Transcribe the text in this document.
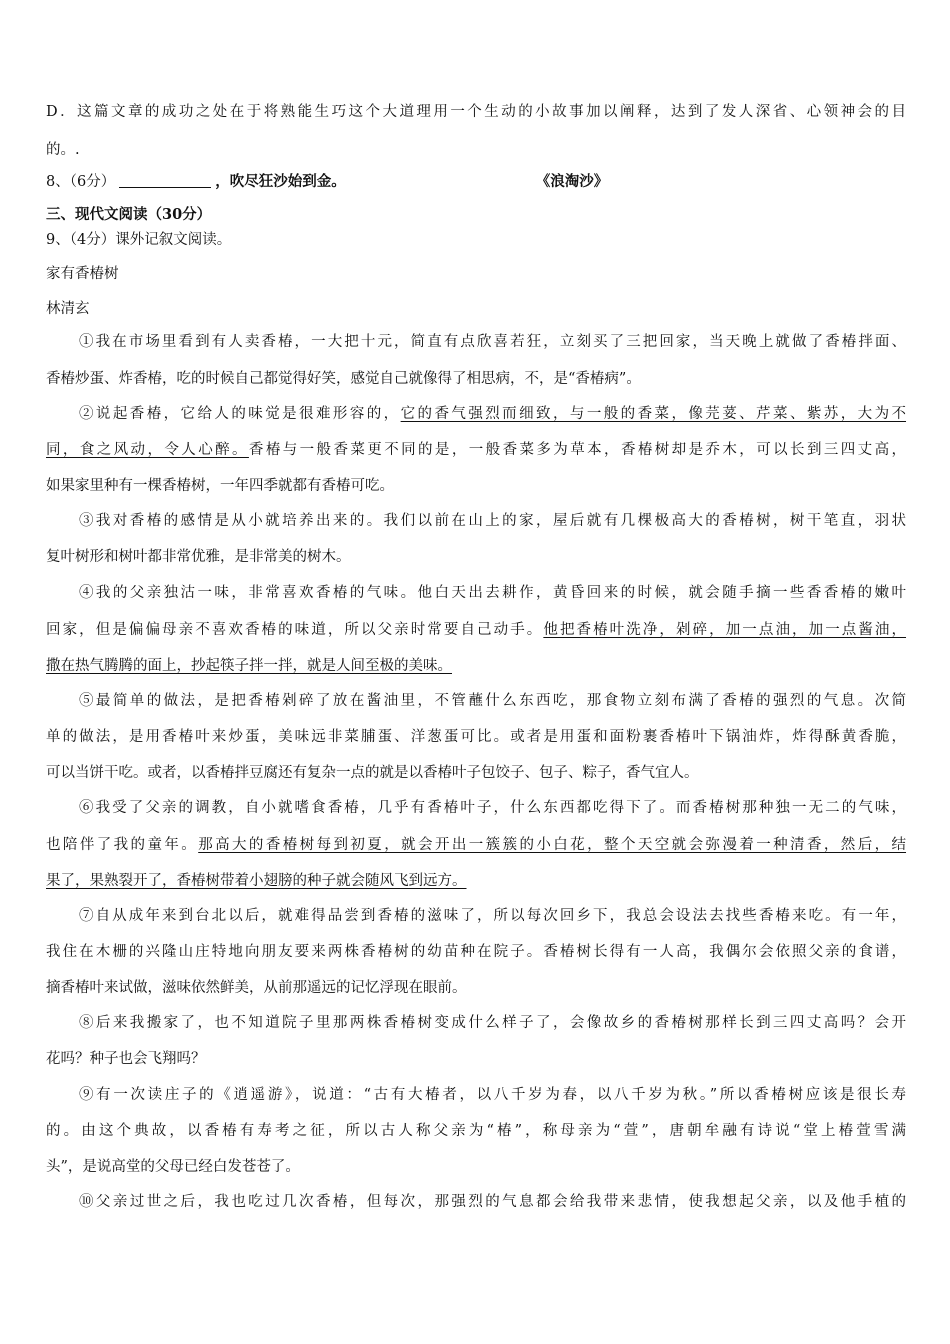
D．这篇文章的成功之处在于将熟能生巧这个大道理用一个生动的小故事加以阐释，达到了发人深省、心领神会的目
的。.
8、（6分）	，吹尽狂沙始到金。	《浪淘沙》
三、现代文阅读（30分）
9、（4分）课外记叙文阅读。
家有香椿树
林清玄
①我在市场里看到有人卖香椿，一大把十元，简直有点欣喜若狂，立刻买了三把回家，当天晚上就做了香椿拌面、
香椿炒蛋、炸香椿，吃的时候自己都觉得好笑，感觉自己就像得了相思病，不，是“香椿病”。
②说起香椿，它给人的味觉是很难形容的，它的香气强烈而细致，与一般的香菜，像芫荽、芹菜、紫苏，大为不
同，食之风动，令人心醉。香椿与一般香菜更不同的是，一般香菜多为草本，香椿树却是乔木，可以长到三四丈高，
如果家里种有一棵香椿树，一年四季就都有香椿可吃。
③我对香椿的感情是从小就培养出来的。我们以前在山上的家，屋后就有几棵极高大的香椿树，树干笔直，羽状
复叶树形和树叶都非常优雅，是非常美的树木。
④我的父亲独沽一味，非常喜欢香椿的气味。他白天出去耕作，黄昏回来的时候，就会随手摘一些香香椿的嫩叶
回家，但是偏偏母亲不喜欢香椿的味道，所以父亲时常要自己动手。他把香椿叶洗净，剁碎，加一点油，加一点酱油，
撒在热气腾腾的面上，抄起筷子拌一拌，就是人间至极的美味。
⑤最简单的做法，是把香椿剁碎了放在酱油里，不管蘸什么东西吃，那食物立刻布满了香椿的强烈的气息。次简
单的做法，是用香椿叶来炒蛋，美味远非菜脯蛋、洋葱蛋可比。或者是用蛋和面粉裹香椿叶下锅油炸，炸得酥黄香脆，
可以当饼干吃。或者，以香椿拌豆腐还有复杂一点的就是以香椿叶子包饺子、包子、粽子，香气宜人。
⑥我受了父亲的调教，自小就嗜食香椿，几乎有香椿叶子，什么东西都吃得下了。而香椿树那种独一无二的气味，
也陪伴了我的童年。那高大的香椿树每到初夏，就会开出一簇簇的小白花，整个天空就会弥漫着一种清香，然后，结
果了，果熟裂开了，香椿树带着小翅膀的种子就会随风飞到远方。
⑦自从成年来到台北以后，就难得品尝到香椿的滋味了，所以每次回乡下，我总会设法去找些香椿来吃。有一年，
我住在木栅的兴隆山庄特地向朋友要来两株香椿树的幼苗种在院子。香椿树长得有一人高，我偶尔会依照父亲的食谱，
摘香椿叶来试做，滋味依然鲜美，从前那遥远的记忆浮现在眼前。
⑧后来我搬家了，也不知道院子里那两株香椿树变成什么样子了，会像故乡的香椿树那样长到三四丈高吗？会开
花吗？种子也会飞翔吗？
⑨有一次读庄子的《逍遥游》，说道：“古有大椿者，以八千岁为春，以八千岁为秋。”所以香椿树应该是很长寿
的。由这个典故，以香椿有寿考之征，所以古人称父亲为“椿”，称母亲为“萱”，唐朝牟融有诗说“堂上椿萱雪满
头”，是说高堂的父母已经白发苍苍了。
⑩父亲过世之后，我也吃过几次香椿，但每次，那强烈的气息都会给我带来悲情，使我想起父亲，以及他手植的
